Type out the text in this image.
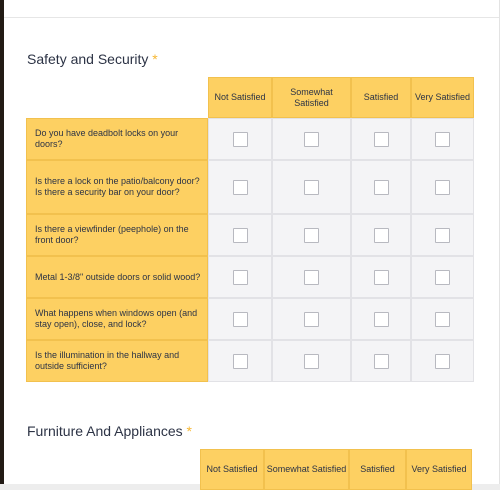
Safety and Security *
	Not Satisfied	Somewhat Satisfied	Satisfied	Very Satisfied
Do you have deadbolt locks on your doors?				
Is there a lock on the patio/balcony door? Is there a security bar on your door?				
Is there a viewfinder (peephole) on the front door?				
Metal 1-3/8" outside doors or solid wood?				
What happens when windows open (and stay open), close, and lock?				
Is the illumination in the hallway and outside sufficient?				
Furniture And Appliances *
	Not Satisfied	Somewhat Satisfied	Satisfied	Very Satisfied
